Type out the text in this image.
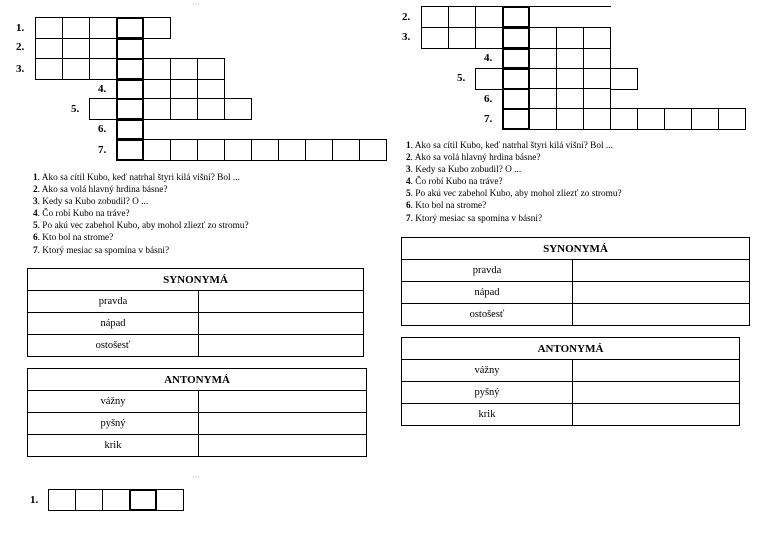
1.
2.
3.
4.
5.
6.
7.
1. Ako sa cítil Kubo, keď natrhal štyri kilá višní? Bol ...
2. Ako sa volá hlavný hrdina básne?
3. Kedy sa Kubo zobudil? O ...
4. Čo robí Kubo na tráve?
5. Po akú vec zabehol Kubo, aby mohol zliezť zo stromu?
6. Kto bol na strome?
7. Ktorý mesiac sa spomína v básni?
SYNONYMÁ	
pravda	
nápad	
ostošesť	
ANTONYMÁ	
vážny	
pyšný	
krik	
1.
···
···
2.
3.
4.
5.
6.
7.
1. Ako sa cítil Kubo, keď natrhal štyri kilá višní? Bol ...
2. Ako sa volá hlavný hrdina básne?
3. Kedy sa Kubo zobudil? O ...
4. Čo robí Kubo na tráve?
5. Po akú vec zabehol Kubo, aby mohol zliezť zo stromu?
6. Kto bol na strome?
7. Ktorý mesiac sa spomína v básni?
SYNONYMÁ	
pravda	
nápad	
ostošesť	
ANTONYMÁ	
vážny	
pyšný	
krik	
